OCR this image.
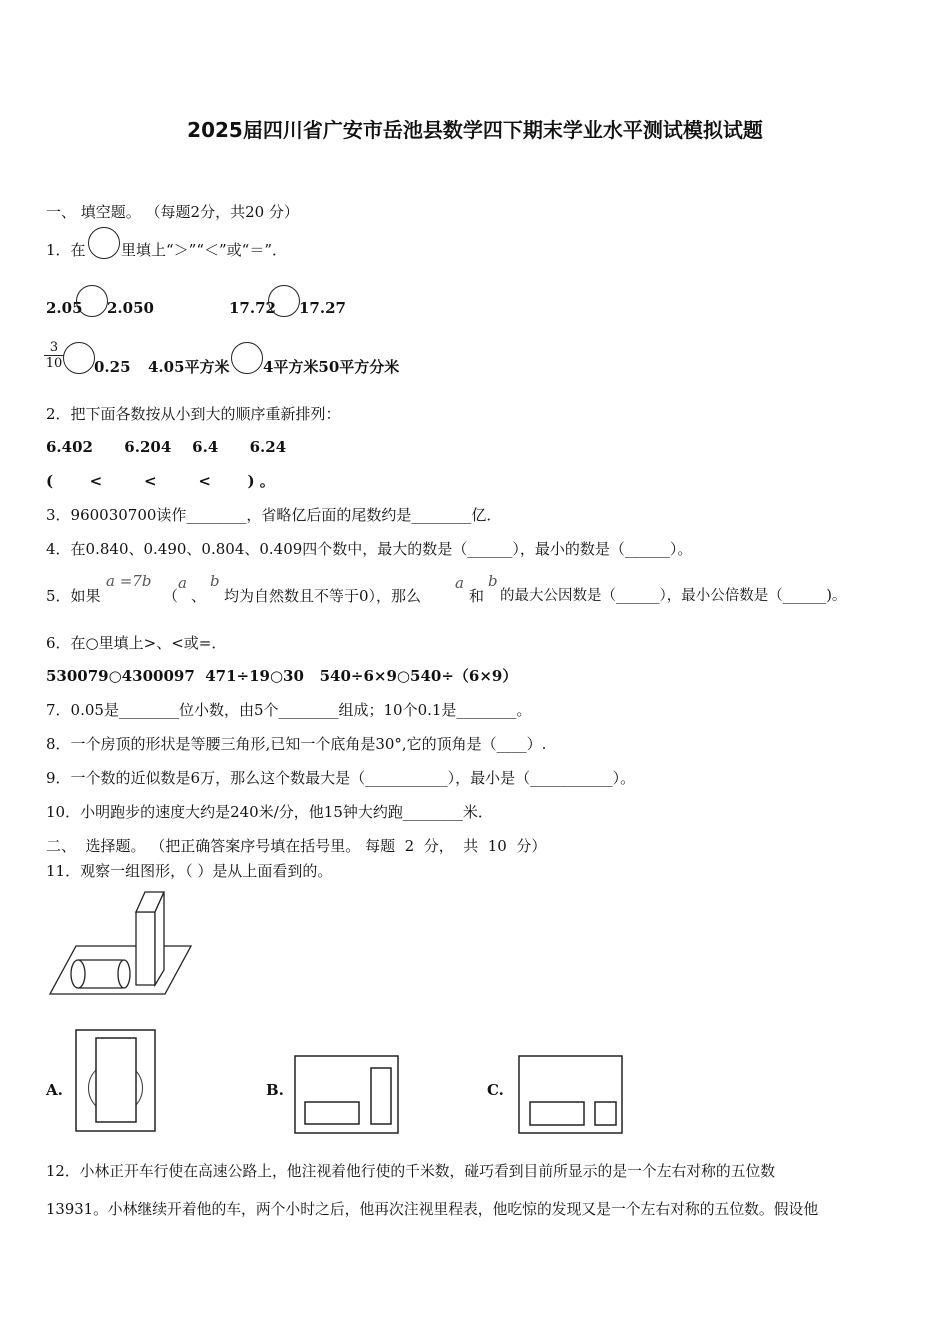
2025届四川省广安市岳池县数学四下期末学业水平测试模拟试题
一、 填空题。 （每题2分，共20 分）
1．在 里填上“＞”“＜”或“＝”．
2.05 2.050	17.72 17.27
$\frac{3}{10} 0.25$ 4.05平方米 4平方米50平方分米
2．把下面各数按从小到大的顺序重新排列：
6.402      6.204    6.4      6.24
(       <        <        <       ) 。
3．960030700读作________，省略亿后面的尾数约是________亿．
4．在0.840、0.490、0.804、0.409四个数中，最大的数是（______），最小的数是（______）。
5．如果
a =7b
（
a
、
b
均为自然数且不等于0），那么
a
和
b
的最大公因数是（______），最小公倍数是（______)。
6．在○里填上>、<或=．
530079○4300097  471÷19○30   540÷6×9○540÷（6×9）
7．0.05是________位小数，由5个________组成；10个0.1是________。
8．一个房顶的形状是等腰三角形,已知一个底角是30°,它的顶角是（____）.
9．一个数的近似数是6万，那么这个数最大是（___________），最小是（___________）。
10．小明跑步的速度大约是240米/分，他15钟大约跑________米．
二、  选择题。 （把正确答案序号填在括号里。 每题  2  分，  共  10  分）
11．观察一组图形，（ ）是从上面看到的。
A.	B.	C.
12．小林正开车行使在高速公路上，他注视着他行使的千米数，碰巧看到目前所显示的是一个左右对称的五位数
13931。小林继续开着他的车，两个小时之后，他再次注视里程表，他吃惊的发现又是一个左右对称的五位数。假设他
